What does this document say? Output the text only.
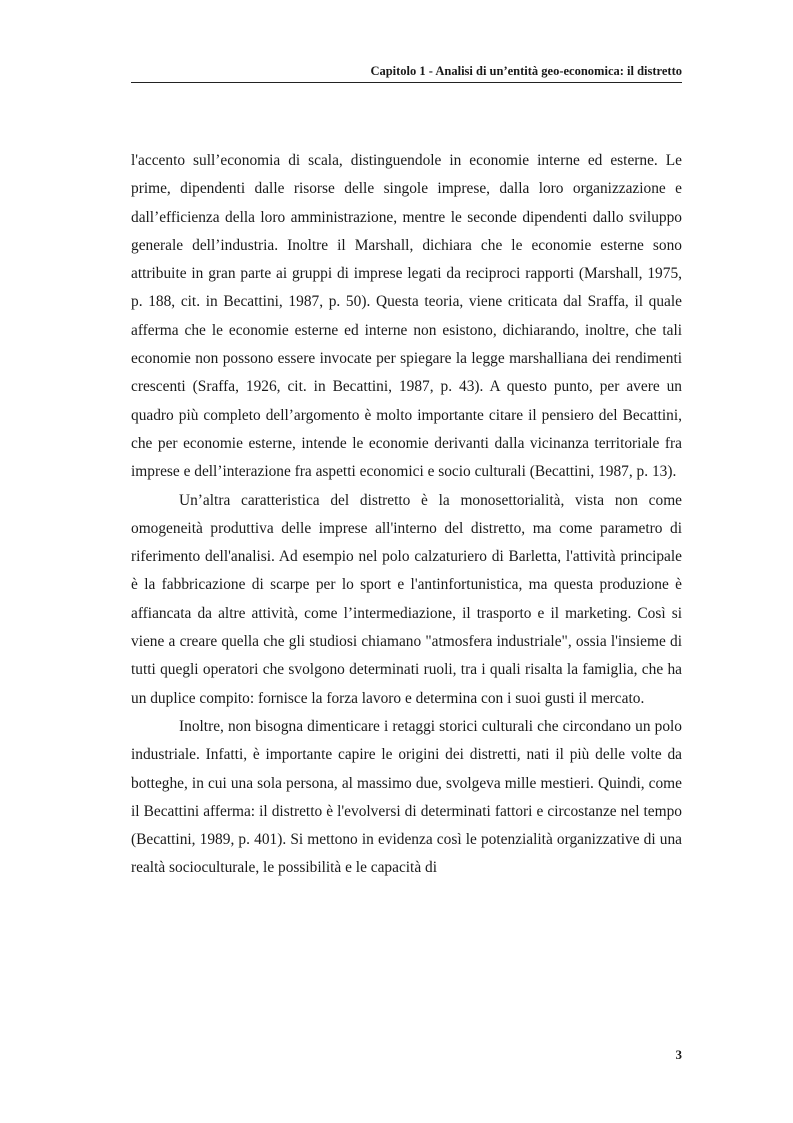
Capitolo 1 - Analisi di un’entità geo-economica: il distretto

l'accento sull’economia di scala, distinguendole in economie interne ed esterne. Le prime, dipendenti dalle risorse delle singole imprese, dalla loro organizzazione e dall’efficienza della loro amministrazione, mentre le seconde dipendenti dallo sviluppo generale dell’industria. Inoltre il Marshall, dichiara che le economie esterne sono attribuite in gran parte ai gruppi di imprese legati da reciproci rapporti (Marshall, 1975, p. 188, cit. in Becattini, 1987, p. 50). Questa teoria, viene criticata dal Sraffa, il quale afferma che le economie esterne ed interne non esistono, dichiarando, inoltre, che tali economie non possono essere invocate per spiegare la legge marshalliana dei rendimenti crescenti (Sraffa, 1926, cit. in Becattini, 1987, p. 43). A questo punto, per avere un quadro più completo dell’argomento è molto importante citare il pensiero del Becattini, che per economie esterne, intende le economie derivanti dalla vicinanza territoriale fra imprese e dell’interazione fra aspetti economici e socio culturali (Becattini, 1987, p. 13).

Un’altra caratteristica del distretto è la monosettorialità, vista non come omogeneità produttiva delle imprese all'interno del distretto, ma come parametro di riferimento dell'analisi. Ad esempio nel polo calzaturiero di Barletta, l'attività principale è la fabbricazione di scarpe per lo sport e l'antinfortunistica, ma questa produzione è affiancata da altre attività, come l’intermediazione, il trasporto e il marketing. Così si viene a creare quella che gli studiosi chiamano "atmosfera industriale", ossia l'insieme di tutti quegli operatori che svolgono determinati ruoli, tra i quali risalta la famiglia, che ha un duplice compito: fornisce la forza lavoro e determina con i suoi gusti il mercato.

Inoltre, non bisogna dimenticare i retaggi storici culturali che circondano un polo industriale. Infatti, è importante capire le origini dei distretti, nati il più delle volte da botteghe, in cui una sola persona, al massimo due, svolgeva mille mestieri. Quindi, come il Becattini afferma: il distretto è l'evolversi di determinati fattori e circostanze nel tempo (Becattini, 1989, p. 401). Si mettono in evidenza così le potenzialità organizzative di una realtà socioculturale, le possibilità e le capacità di

3
